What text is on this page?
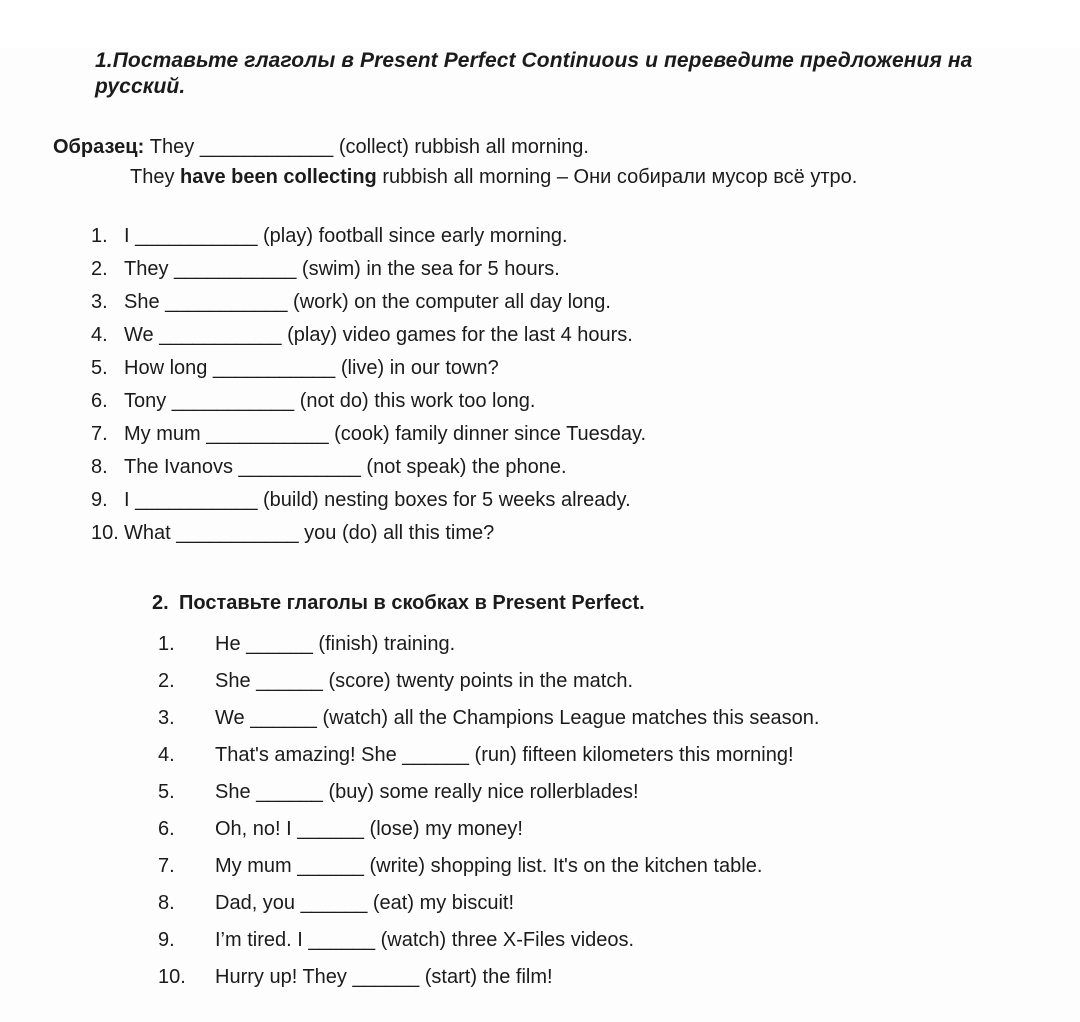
1.Поставьте глаголы в Present Perfect Continuous и переведите предложения на русский.

Образец: They ____________ (collect) rubbish all morning.
They have been collecting rubbish all morning – Они собирали мусор всё утро.
1. I ___________ (play) football since early morning.
2. They ___________ (swim) in the sea for 5 hours.
3. She ___________ (work) on the computer all day long.
4. We ___________ (play) video games for the last 4 hours.
5. How long ___________ (live) in our town?
6. Tony ___________ (not do) this work too long.
7. My mum ___________ (cook) family dinner since Tuesday.
8. The Ivanovs ___________ (not speak) the phone.
9. I ___________ (build) nesting boxes for 5 weeks already.
10. What ___________ you (do) all this time?

2. Поставьте глаголы в скобках в Present Perfect.

1. He ______ (finish) training.
2. She ______ (score) twenty points in the match.
3. We ______ (watch) all the Champions League matches this season.
4. That's amazing! She ______ (run) fifteen kilometers this morning!
5. She ______ (buy) some really nice rollerblades!
6. Oh, no! I ______ (lose) my money!
7. My mum ______ (write) shopping list. It's on the kitchen table.
8. Dad, you ______ (eat) my biscuit!
9. I’m tired. I ______ (watch) three X-Files videos.
10. Hurry up! They ______ (start) the film!
